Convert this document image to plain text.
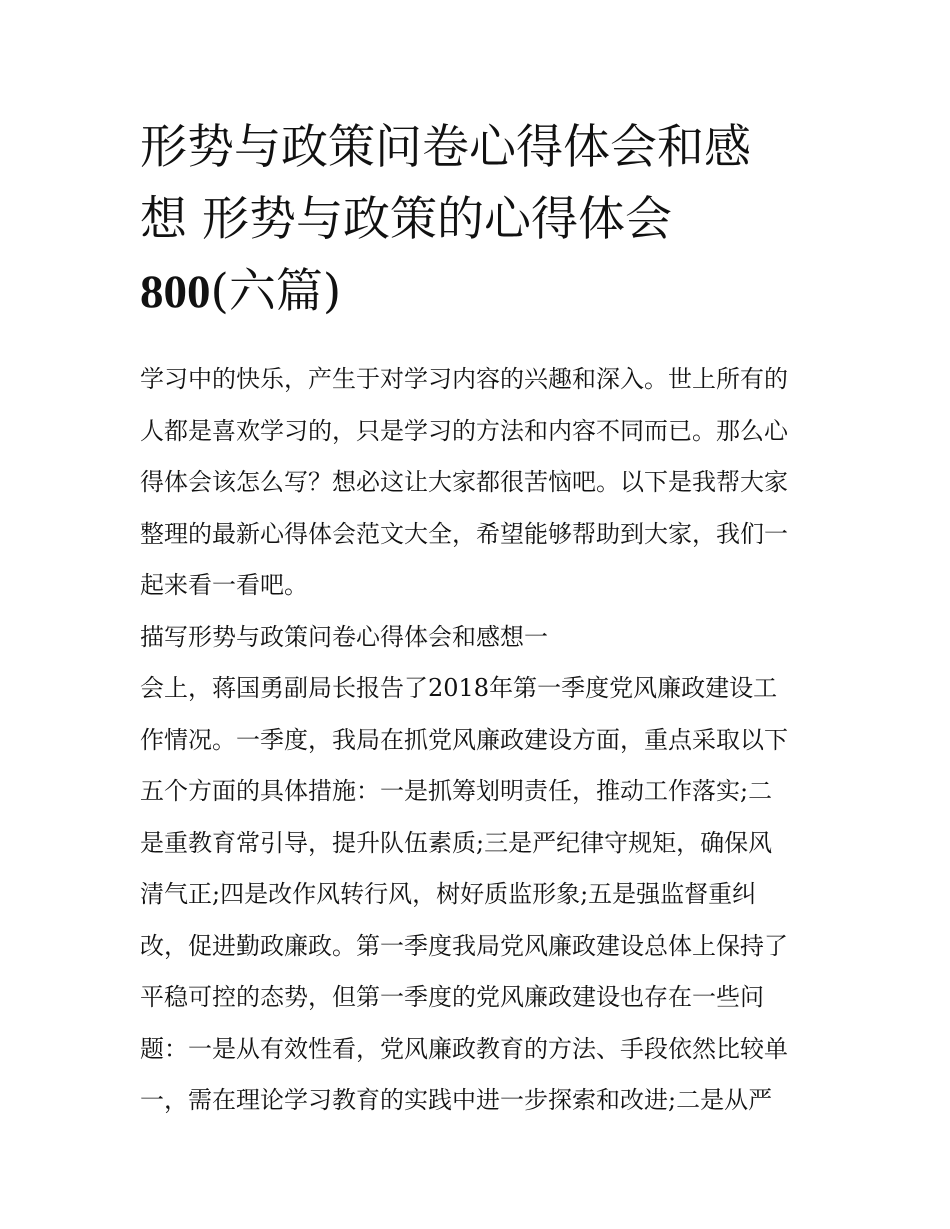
形势与政策问卷心得体会和感
想 形势与政策的心得体会
800(六篇)
学习中的快乐，产生于对学习内容的兴趣和深入。世上所有的
人都是喜欢学习的，只是学习的方法和内容不同而已。那么心
得体会该怎么写？想必这让大家都很苦恼吧。以下是我帮大家
整理的最新心得体会范文大全，希望能够帮助到大家，我们一
起来看一看吧。
描写形势与政策问卷心得体会和感想一
会上，蒋国勇副局长报告了2018年第一季度党风廉政建设工
作情况。一季度，我局在抓党风廉政建设方面，重点采取以下
五个方面的具体措施：一是抓筹划明责任，推动工作落实;二
是重教育常引导，提升队伍素质;三是严纪律守规矩，确保风
清气正;四是改作风转行风，树好质监形象;五是强监督重纠
改，促进勤政廉政。第一季度我局党风廉政建设总体上保持了
平稳可控的态势，但第一季度的党风廉政建设也存在一些问
题：一是从有效性看，党风廉政教育的方法、手段依然比较单
一，需在理论学习教育的实践中进一步探索和改进;二是从严
